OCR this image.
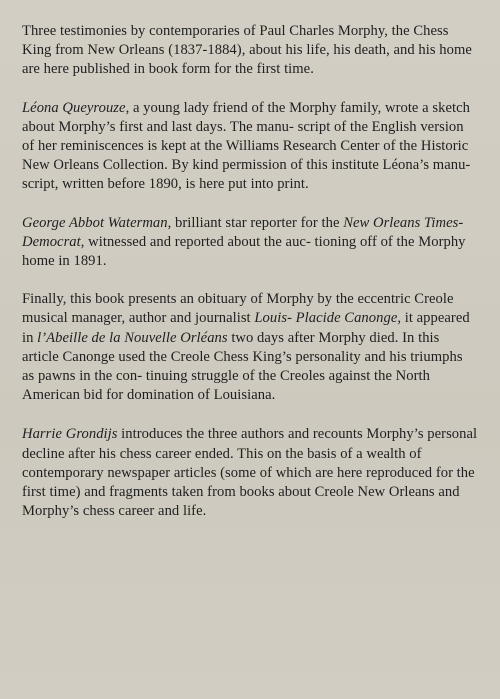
Three testimonies by contemporaries of Paul Charles Morphy, the Chess King from New Orleans (1837-1884), about his life, his death, and his home are here published in book form for the first time.

Léona Queyrouze, a young lady friend of the Morphy family, wrote a sketch about Morphy’s first and last days. The manu- script of the English version of her reminiscences is kept at the Williams Research Center of the Historic New Orleans Collection. By kind permission of this institute Léona’s manu- script, written before 1890, is here put into print.

George Abbot Waterman, brilliant star reporter for the New Orleans Times-Democrat, witnessed and reported about the auc- tioning off of the Morphy home in 1891.

Finally, this book presents an obituary of Morphy by the eccentric Creole musical manager, author and journalist Louis- Placide Canonge, it appeared in l’Abeille de la Nouvelle Orléans two days after Morphy died. In this article Canonge used the Creole Chess King’s personality and his triumphs as pawns in the con- tinuing struggle of the Creoles against the North American bid for domination of Louisiana.

Harrie Grondijs introduces the three authors and recounts Morphy’s personal decline after his chess career ended. This on the basis of a wealth of contemporary newspaper articles (some of which are here reproduced for the first time) and fragments taken from books about Creole New Orleans and Morphy’s chess career and life.
